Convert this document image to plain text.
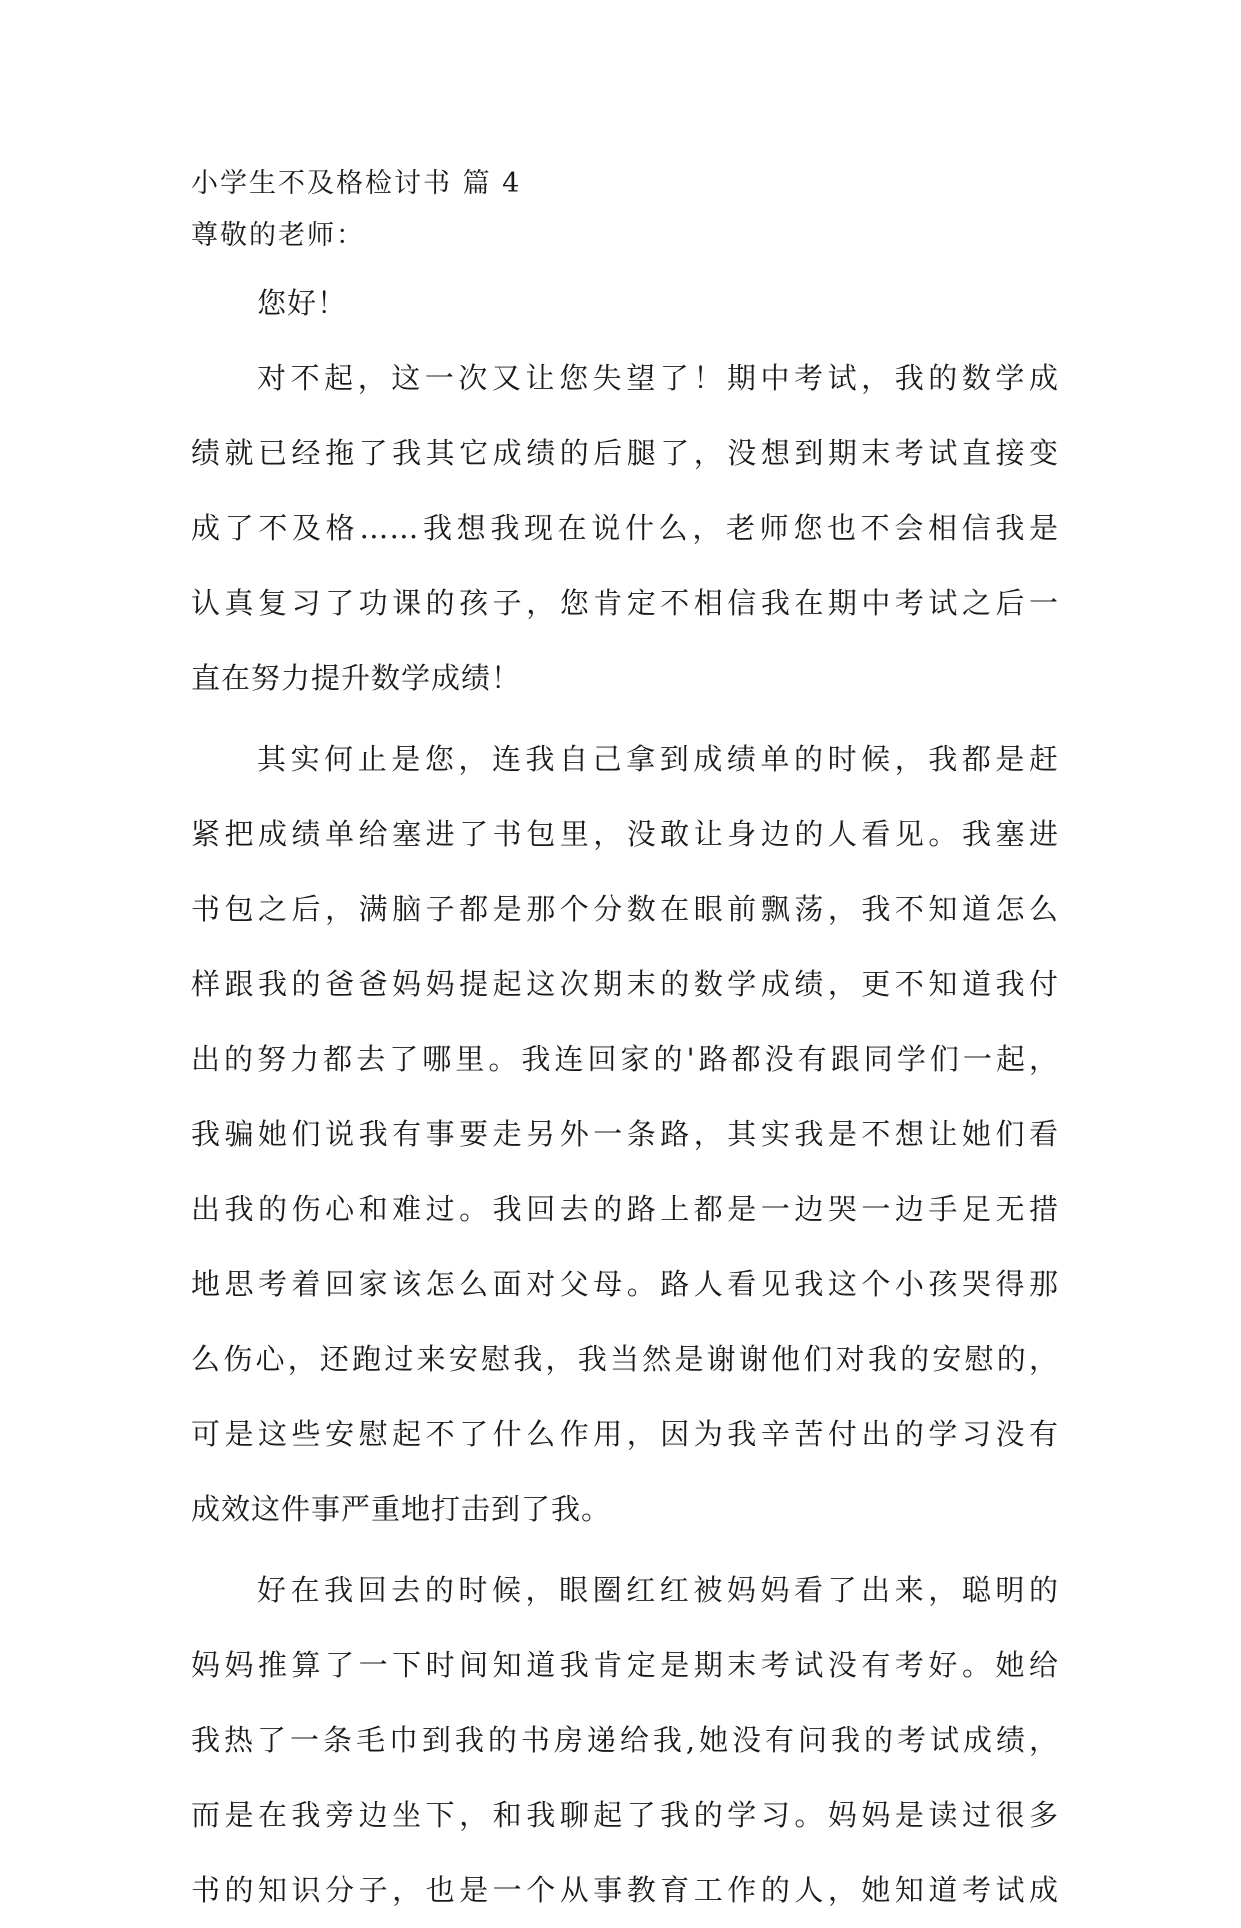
小学生不及格检讨书 篇 4
尊敬的老师：
您好！
对不起，这一次又让您失望了！期中考试，我的数学成
绩就已经拖了我其它成绩的后腿了，没想到期末考试直接变
成了不及格……我想我现在说什么，老师您也不会相信我是
认真复习了功课的孩子，您肯定不相信我在期中考试之后一
直在努力提升数学成绩！
其实何止是您，连我自己拿到成绩单的时候，我都是赶
紧把成绩单给塞进了书包里，没敢让身边的人看见。我塞进
书包之后，满脑子都是那个分数在眼前飘荡，我不知道怎么
样跟我的爸爸妈妈提起这次期末的数学成绩，更不知道我付
出的努力都去了哪里。我连回家的'路都没有跟同学们一起，
我骗她们说我有事要走另外一条路，其实我是不想让她们看
出我的伤心和难过。我回去的路上都是一边哭一边手足无措
地思考着回家该怎么面对父母。路人看见我这个小孩哭得那
么伤心，还跑过来安慰我，我当然是谢谢他们对我的安慰的，
可是这些安慰起不了什么作用，因为我辛苦付出的学习没有
成效这件事严重地打击到了我。
好在我回去的时候，眼圈红红被妈妈看了出来，聪明的
妈妈推算了一下时间知道我肯定是期末考试没有考好。她给
我热了一条毛巾到我的书房递给我,她没有问我的考试成绩，
而是在我旁边坐下，和我聊起了我的学习。妈妈是读过很多
书的知识分子，也是一个从事教育工作的人，她知道考试成
